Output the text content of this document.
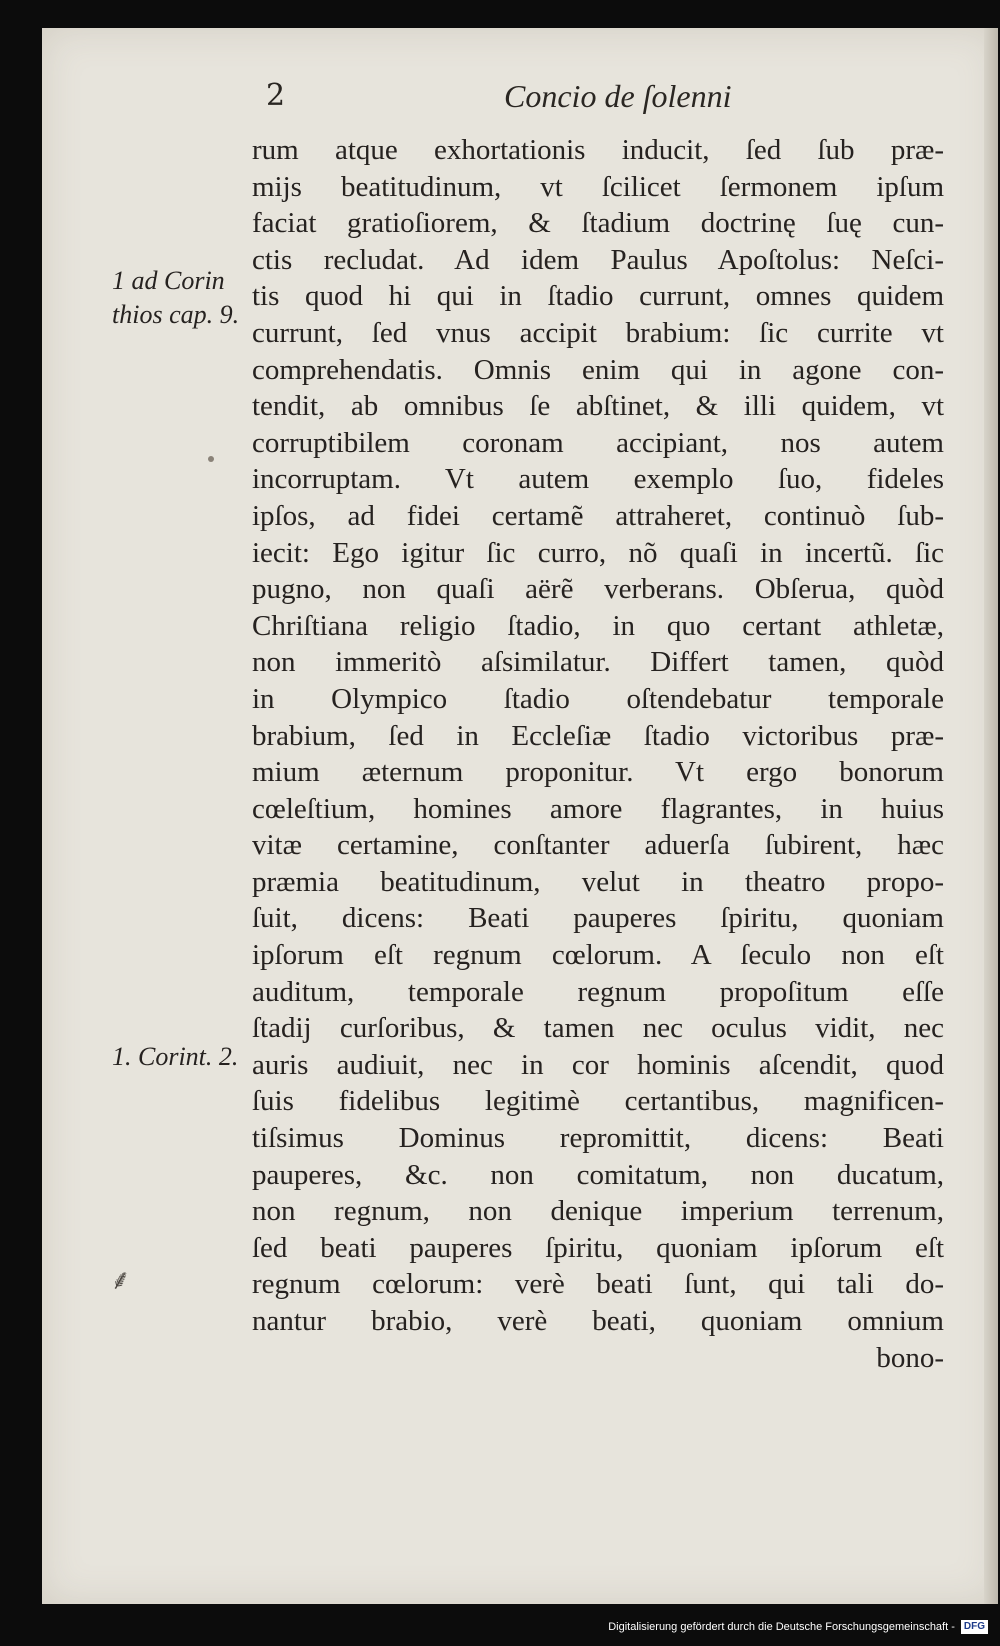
2	Concio de ſolenni
1 ad Corin
thios cap. 9.
1. Corint. 2.
⸙
rum atque exhortationis inducit, ſed ſub præ-
mijs beatitudinum, vt ſcilicet ſermonem ipſum
faciat gratioſiorem, & ſtadium doctrinę ſuę cun-
ctis recludat. Ad idem Paulus Apoſtolus: Neſci-
tis quod hi qui in ſtadio currunt, omnes quidem
currunt, ſed vnus accipit brabium: ſic currite vt
comprehendatis. Omnis enim qui in agone con-
tendit, ab omnibus ſe abſtinet, & illi quidem, vt
corruptibilem coronam accipiant, nos autem
incorruptam. Vt autem exemplo ſuo, fideles
ipſos, ad fidei certamẽ attraheret, continuò ſub-
iecit: Ego igitur ſic curro, nõ quaſi in incertũ. ſic
pugno, non quaſi aërẽ verberans. Obſerua, quòd
Chriſtiana religio ſtadio, in quo certant athletæ,
non immeritò aſsimilatur. Differt tamen, quòd
in Olympico ſtadio oſtendebatur temporale
brabium, ſed in Eccleſiæ ſtadio victoribus præ-
mium æternum proponitur. Vt ergo bonorum
cœleſtium, homines amore flagrantes, in huius
vitæ certamine, conſtanter aduerſa ſubirent, hæc
præmia beatitudinum, velut in theatro propo-
ſuit, dicens: Beati pauperes ſpiritu, quoniam
ipſorum eſt regnum cœlorum. A ſeculo non eſt
auditum, temporale regnum propoſitum eſſe
ſtadij curſoribus, & tamen nec oculus vidit, nec
auris audiuit, nec in cor hominis aſcendit, quod
ſuis fidelibus legitimè certantibus, magnificen-
tiſsimus Dominus repromittit, dicens: Beati
pauperes, &c. non comitatum, non ducatum,
non regnum, non denique imperium terrenum,
ſed beati pauperes ſpiritu, quoniam ipſorum eſt
regnum cœlorum: verè beati ſunt, qui tali do-
nantur brabio, verè beati, quoniam omnium
bono-
Digitalisierung gefördert durch die Deutsche Forschungsgemeinschaft - DFG
